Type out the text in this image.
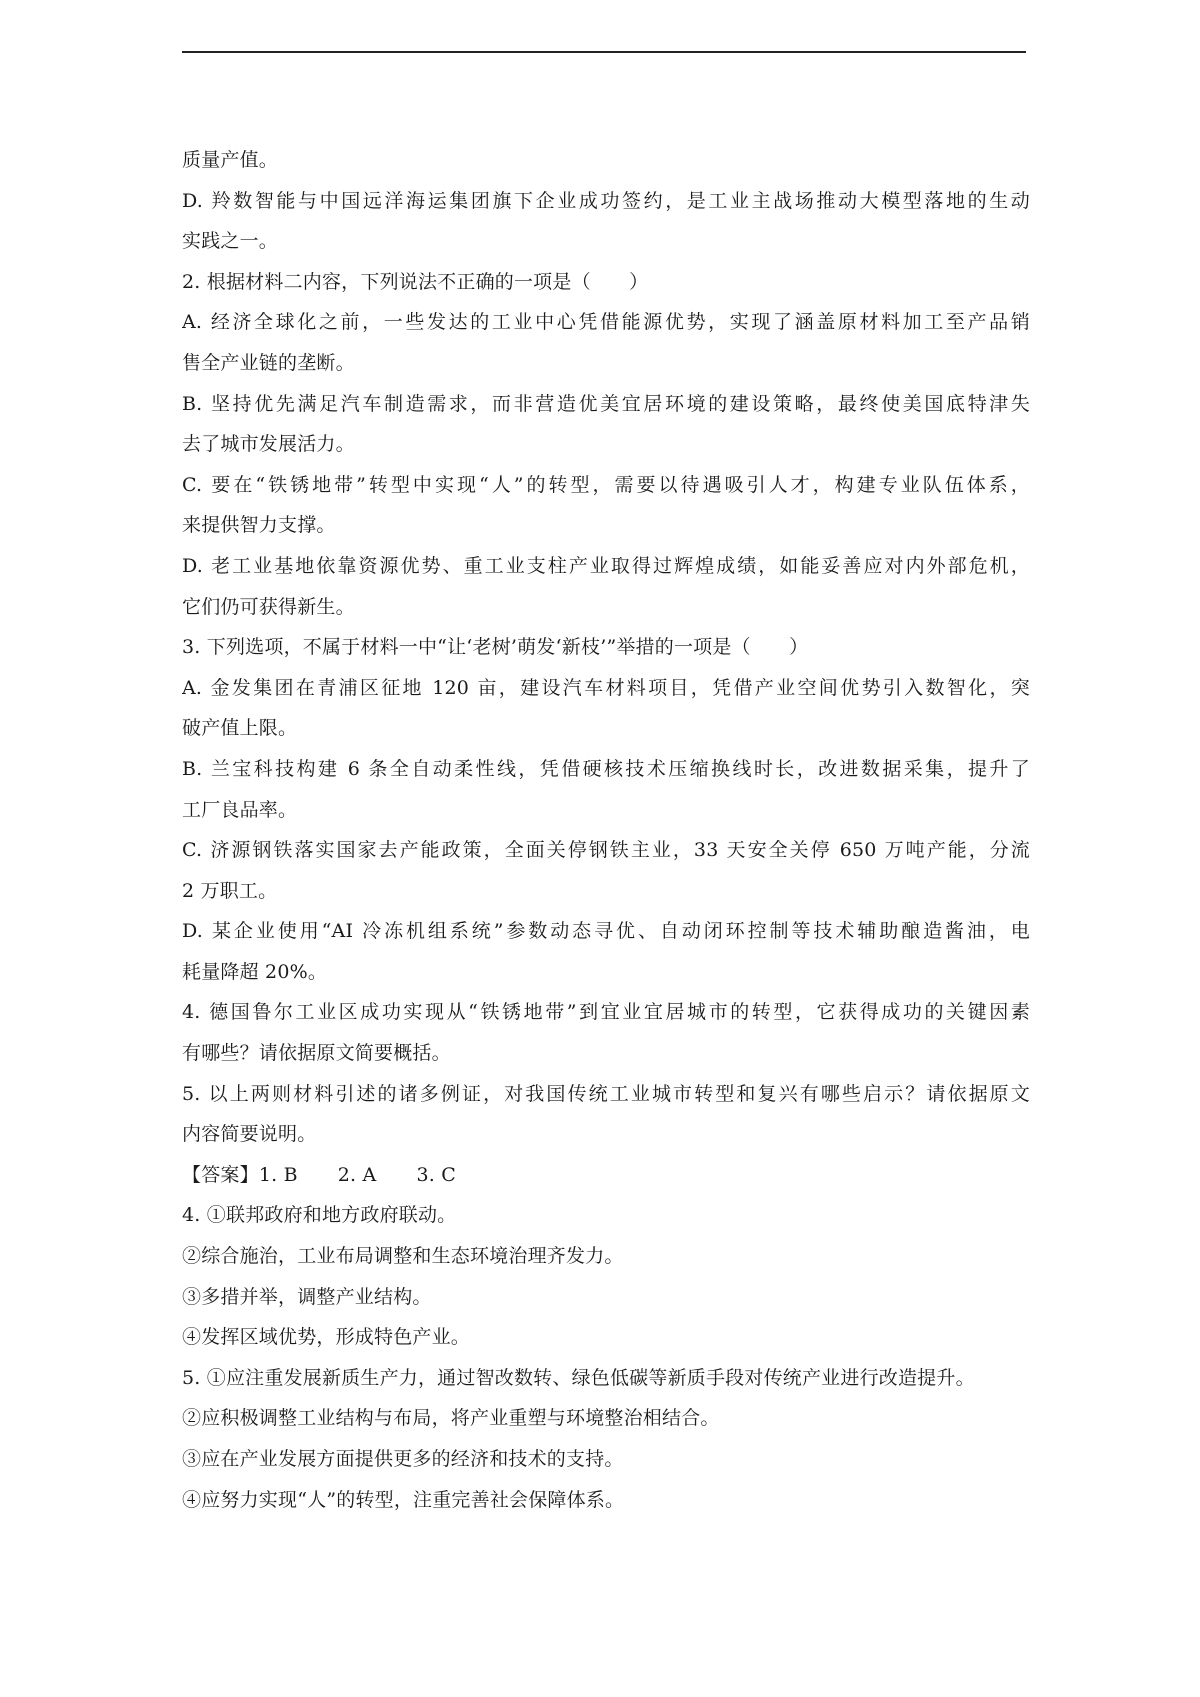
质量产值。
D. 羚数智能与中国远洋海运集团旗下企业成功签约，是工业主战场推动大模型落地的生动
实践之一。
2. 根据材料二内容，下列说法不正确的一项是（　　）
A. 经济全球化之前，一些发达的工业中心凭借能源优势，实现了涵盖原材料加工至产品销
售全产业链的垄断。
B. 坚持优先满足汽车制造需求，而非营造优美宜居环境的建设策略，最终使美国底特津失
去了城市发展活力。
C. 要在“铁锈地带”转型中实现“人”的转型，需要以待遇吸引人才，构建专业队伍体系，
来提供智力支撑。
D. 老工业基地依靠资源优势、重工业支柱产业取得过辉煌成绩，如能妥善应对内外部危机，
它们仍可获得新生。
3. 下列选项，不属于材料一中“让‘老树’萌发‘新枝’”举措的一项是（　　）
A. 金发集团在青浦区征地 120 亩，建设汽车材料项目，凭借产业空间优势引入数智化，突
破产值上限。
B. 兰宝科技构建 6 条全自动柔性线，凭借硬核技术压缩换线时长，改进数据采集，提升了
工厂良品率。
C. 济源钢铁落实国家去产能政策，全面关停钢铁主业，33 天安全关停 650 万吨产能，分流
2 万职工。
D. 某企业使用“AI 冷冻机组系统”参数动态寻优、自动闭环控制等技术辅助酿造酱油，电
耗量降超 20%。
4. 德国鲁尔工业区成功实现从“铁锈地带”到宜业宜居城市的转型，它获得成功的关键因素
有哪些？请依据原文简要概括。
5. 以上两则材料引述的诸多例证，对我国传统工业城市转型和复兴有哪些启示？请依据原文
内容简要说明。
【答案】1. B 2. A 3. C
4. ①联邦政府和地方政府联动。
②综合施治，工业布局调整和生态环境治理齐发力。
③多措并举，调整产业结构。
④发挥区域优势，形成特色产业。
5. ①应注重发展新质生产力，通过智改数转、绿色低碳等新质手段对传统产业进行改造提升。
②应积极调整工业结构与布局，将产业重塑与环境整治相结合。
③应在产业发展方面提供更多的经济和技术的支持。
④应努力实现“人”的转型，注重完善社会保障体系。
